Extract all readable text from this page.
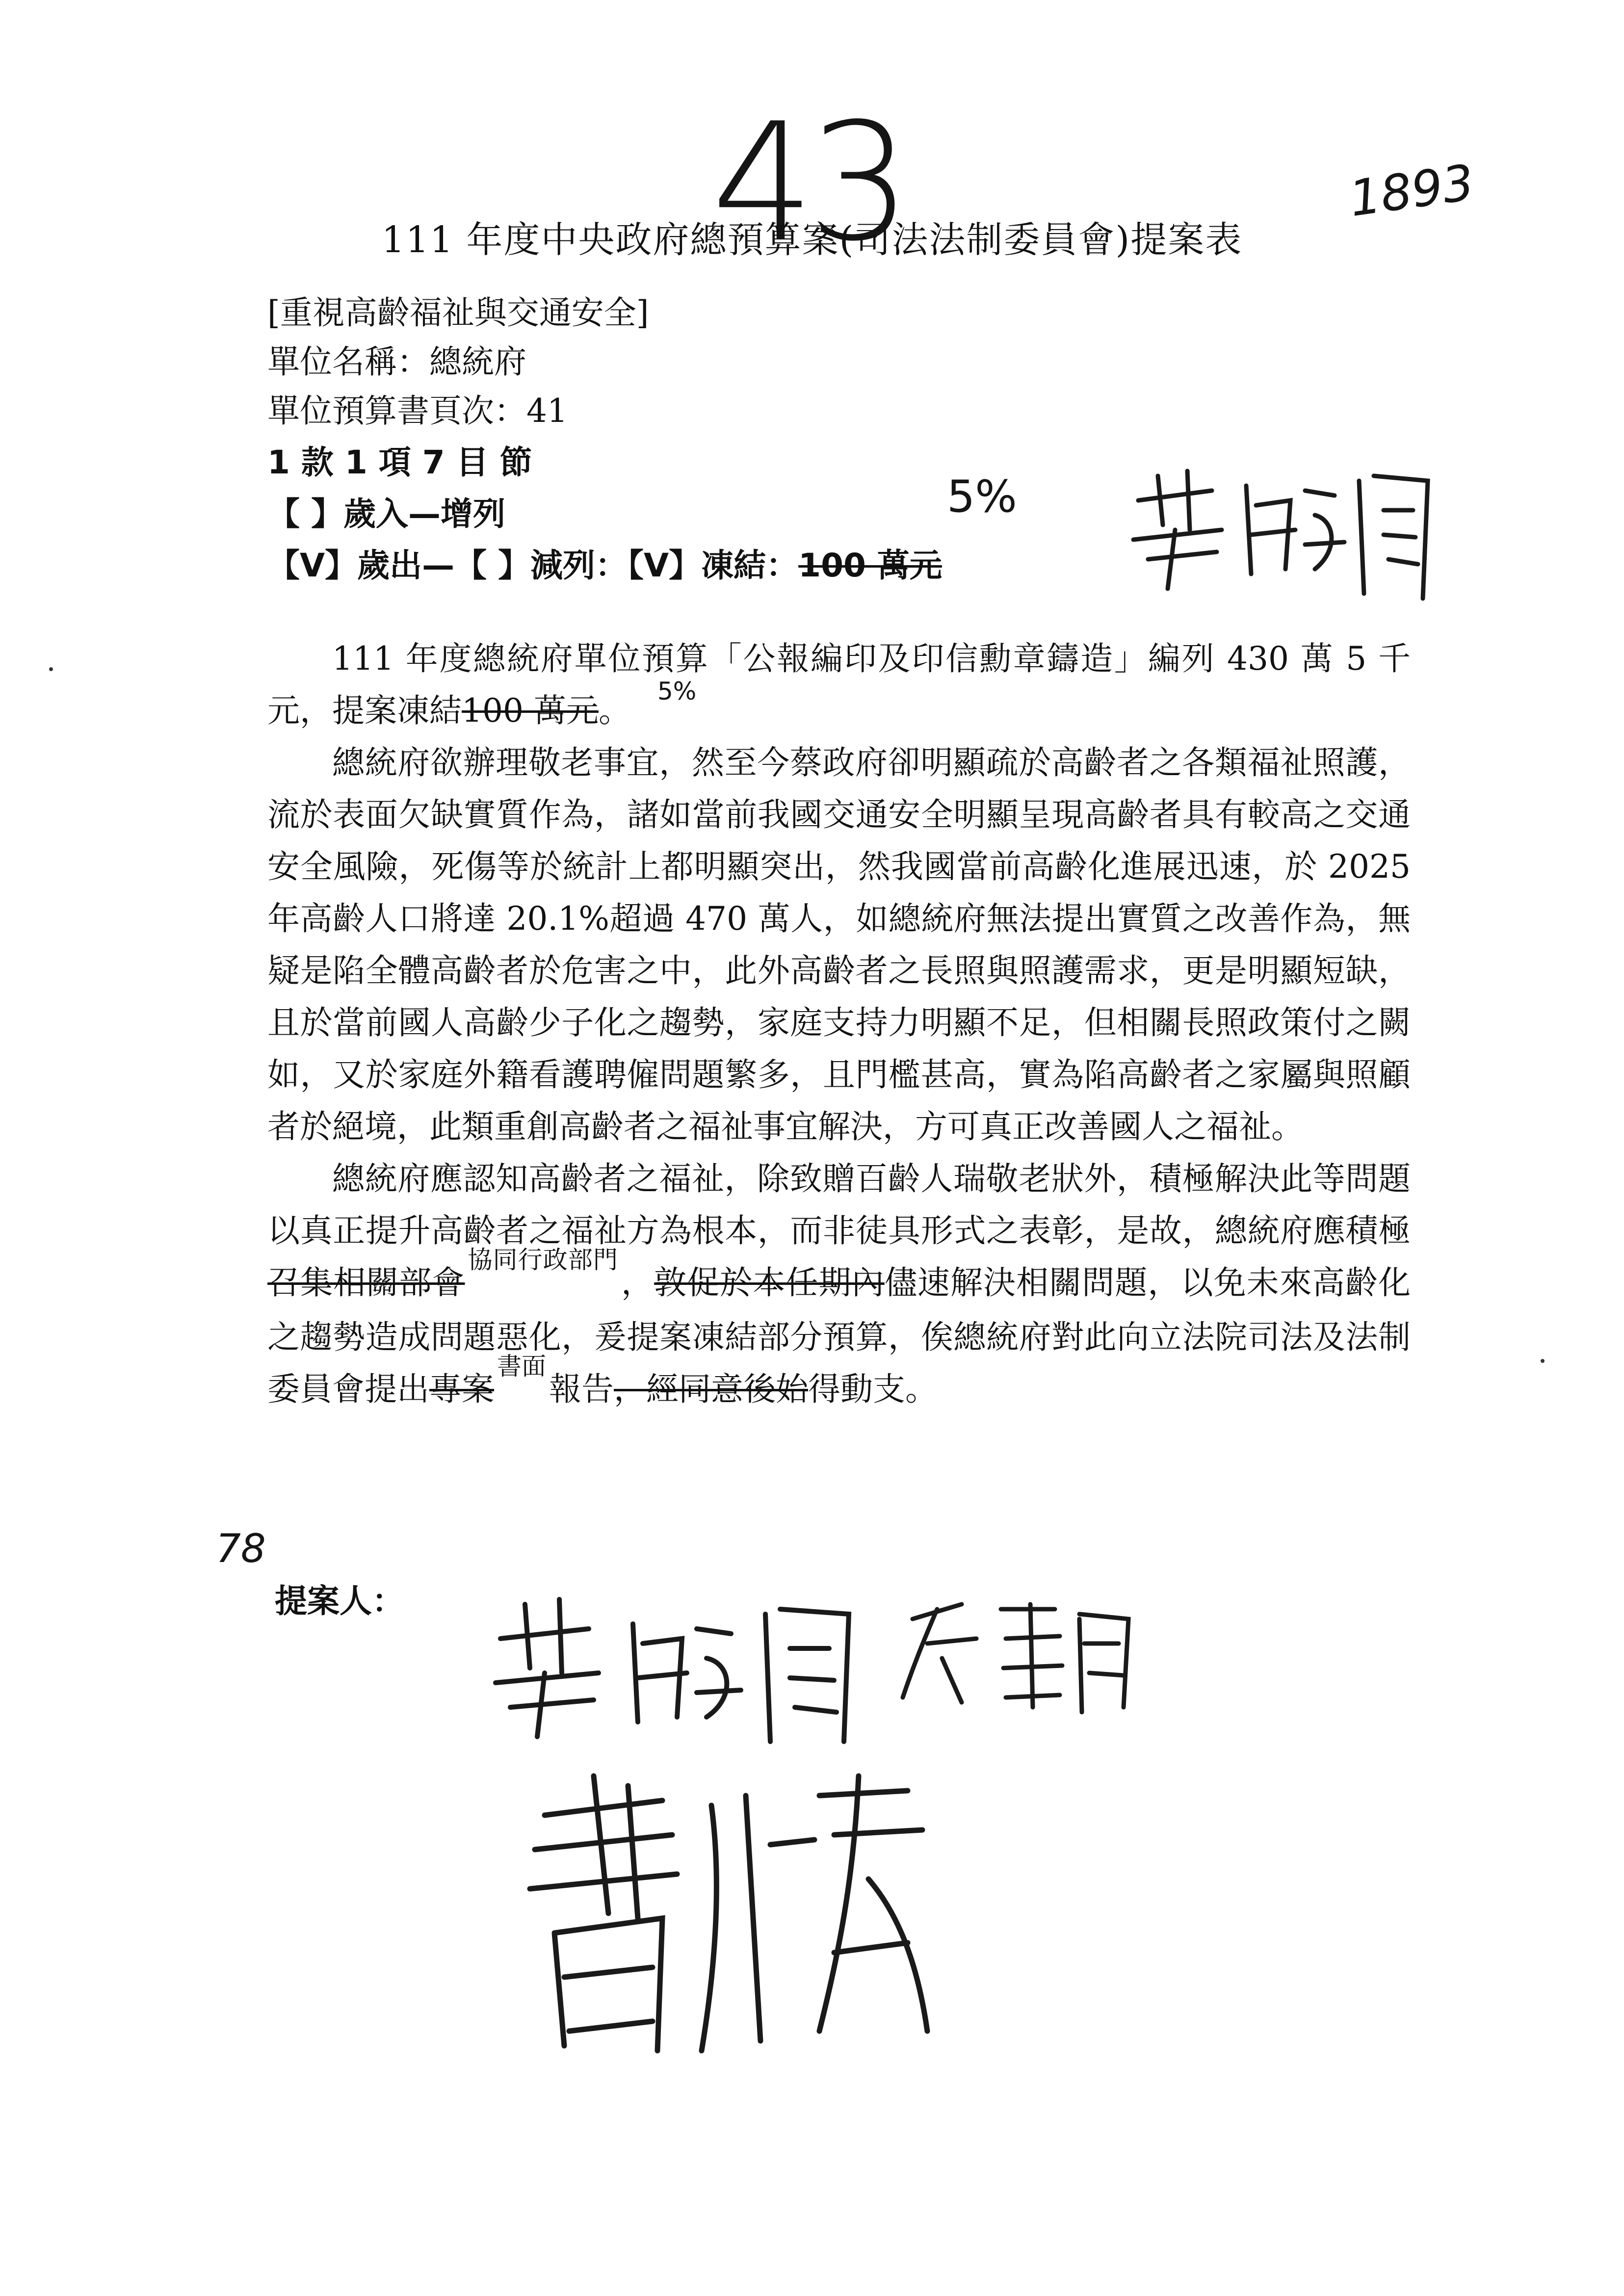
43	1893
111 年度中央政府總預算案(司法法制委員會)提案表
[重視高齡福祉與交通安全]
單位名稱：總統府
單位預算書頁次：41
1 款 1 項 7 目 節
【 】歲入—增列
【V】歲出—【 】減列：【V】凍結：100 萬元
5%

111 年度總統府單位預算「公報編印及印信勳章鑄造」編列 430 萬 5 千元，提案凍結100 萬元。

總統府欲辦理敬老事宜，然至今蔡政府卻明顯疏於高齡者之各類福祉照護，流於表面欠缺實質作為，諸如當前我國交通安全明顯呈現高齡者具有較高之交通安全風險，死傷等於統計上都明顯突出，然我國當前高齡化進展迅速，於 2025 年高齡人口將達 20.1%超過 470 萬人，如總統府無法提出實質之改善作為，無疑是陷全體高齡者於危害之中，此外高齡者之長照與照護需求，更是明顯短缺，且於當前國人高齡少子化之趨勢，家庭支持力明顯不足，但相關長照政策付之闕如，又於家庭外籍看護聘僱問題繁多，且門檻甚高，實為陷高齡者之家屬與照顧者於絕境，此類重創高齡者之福祉事宜解決，方可真正改善國人之福祉。

總統府應認知高齡者之福祉，除致贈百齡人瑞敬老狀外，積極解決此等問題以真正提升高齡者之福祉方為根本，而非徒具形式之表彰，是故，總統府應積極召集相關部會$^{協同行政部門}$，敦促於本任期內儘速解決相關問題，以免未來高齡化之趨勢造成問題惡化，爰提案凍結部分預算，俟總統府對此向立法院司法及法制委員會提出專案$^{書面}$報告，經同意後始得動支。

5%
78
提案人：
